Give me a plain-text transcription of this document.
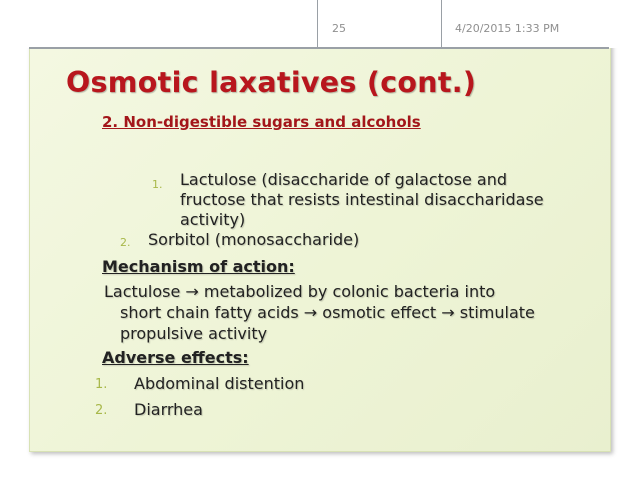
25	4/20/2015 1:33 PM
Osmotic laxatives (cont.)
2. Non-digestible sugars and alcohols
1. Lactulose (disaccharide of galactose and
fructose that resists intestinal disaccharidase
activity)
2. Sorbitol (monosaccharide)
Mechanism of action:
Lactulose → metabolized by colonic bacteria into
short chain fatty acids → osmotic effect → stimulate
propulsive activity
Adverse effects:
1. Abdominal distention
2. Diarrhea
